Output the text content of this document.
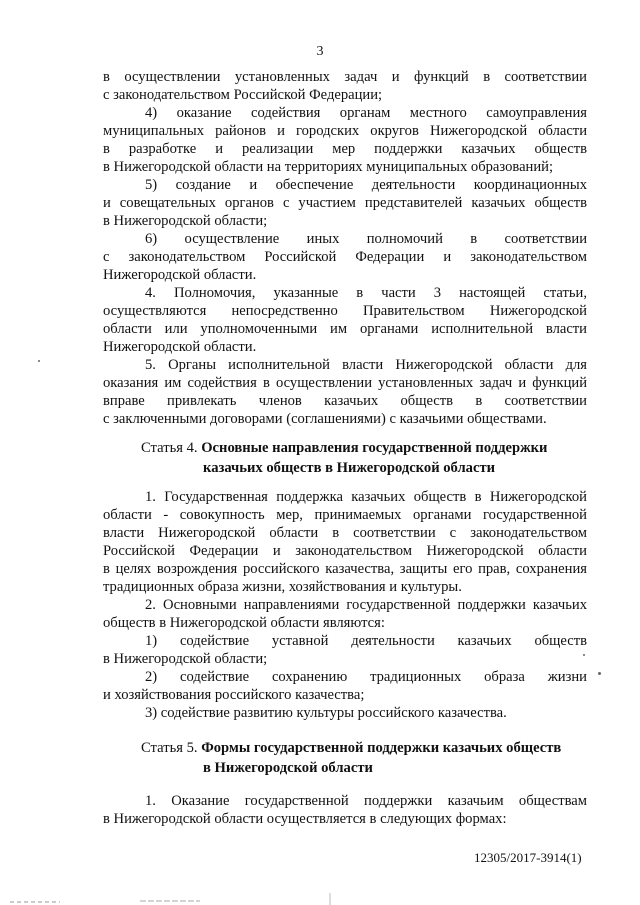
3
в осуществлении установленных задач и функций в соответствии
с законодательством Российской Федерации;
4) оказание содействия органам местного самоуправления
муниципальных районов и городских округов Нижегородской области
в разработке и реализации мер поддержки казачьих обществ
в Нижегородской области на территориях муниципальных образований;
5) создание и обеспечение деятельности координационных
и совещательных органов с участием представителей казачьих обществ
в Нижегородской области;
6) осуществление иных полномочий в соответствии
с законодательством Российской Федерации и законодательством
Нижегородской области.
4. Полномочия, указанные в части 3 настоящей статьи,
осуществляются непосредственно Правительством Нижегородской
области или уполномоченными им органами исполнительной власти
Нижегородской области.
5. Органы исполнительной власти Нижегородской области для
оказания им содействия в осуществлении установленных задач и функций
вправе привлекать членов казачьих обществ в соответствии
с заключенными договорами (соглашениями) с казачьими обществами.
Статья 4. Основные направления государственной поддержки
казачьих обществ в Нижегородской области
1. Государственная поддержка казачьих обществ в Нижегородской
области - совокупность мер, принимаемых органами государственной
власти Нижегородской области в соответствии с законодательством
Российской Федерации и законодательством Нижегородской области
в целях возрождения российского казачества, защиты его прав, сохранения
традиционных образа жизни, хозяйствования и культуры.
2. Основными направлениями государственной поддержки казачьих
обществ в Нижегородской области являются:
1) содействие уставной деятельности казачьих обществ
в Нижегородской области;
2) содействие сохранению традиционных образа жизни
и хозяйствования российского казачества;
3) содействие развитию культуры российского казачества.
Статья 5. Формы государственной поддержки казачьих обществ
в Нижегородской области
1. Оказание государственной поддержки казачьим обществам
в Нижегородской области осуществляется в следующих формах:
12305/2017-3914(1)
